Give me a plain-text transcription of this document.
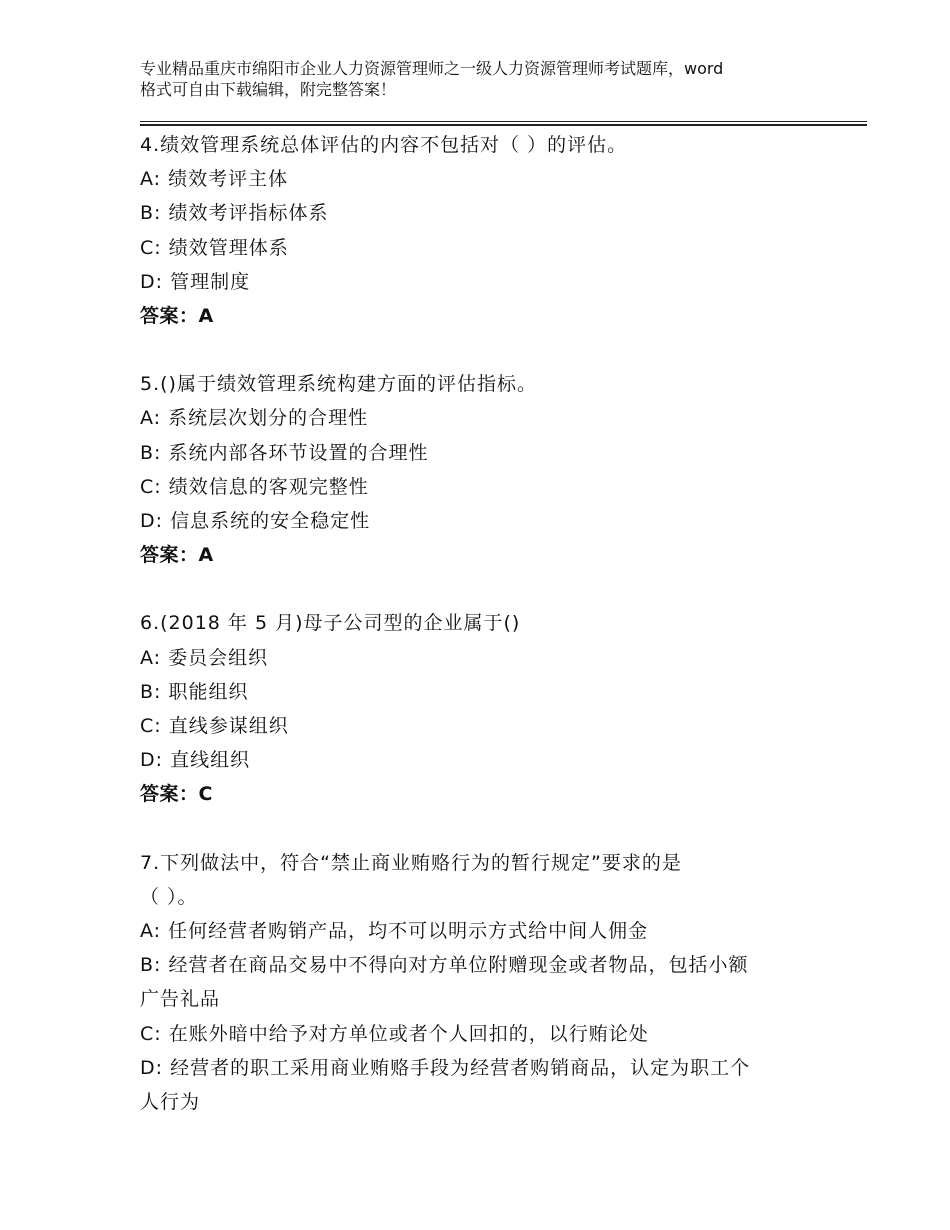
专业精品重庆市绵阳市企业人力资源管理师之一级人力资源管理师考试题库，word
格式可自由下载编辑，附完整答案！
4.绩效管理系统总体评估的内容不包括对（ ）的评估。
A: 绩效考评主体
B: 绩效考评指标体系
C: 绩效管理体系
D: 管理制度
答案：A
5.()属于绩效管理系统构建方面的评估指标。
A: 系统层次划分的合理性
B: 系统内部各环节设置的合理性
C: 绩效信息的客观完整性
D: 信息系统的安全稳定性
答案：A
6.(2018 年 5 月)母子公司型的企业属于()
A: 委员会组织
B: 职能组织
C: 直线参谋组织
D: 直线组织
答案：C
7.下列做法中，符合“禁止商业贿赂行为的暂行规定”要求的是
（ ）。
A: 任何经营者购销产品，均不可以明示方式给中间人佣金
B: 经营者在商品交易中不得向对方单位附赠现金或者物品，包括小额
广告礼品
C: 在账外暗中给予对方单位或者个人回扣的，以行贿论处
D: 经营者的职工采用商业贿赂手段为经营者购销商品，认定为职工个
人行为
